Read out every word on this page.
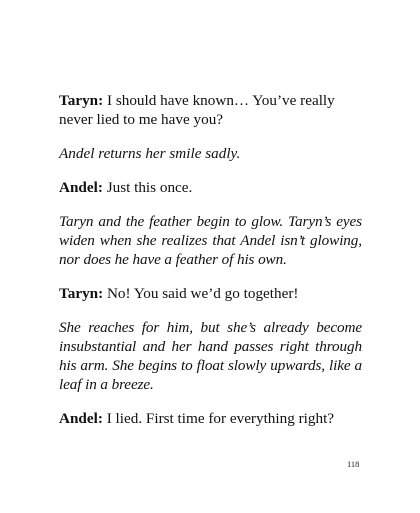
Taryn: I should have known… You’ve really never lied to me have you?

Andel returns her smile sadly.

Andel: Just this once.

Taryn and the feather begin to glow. Taryn’s eyes widen when she realizes that Andel isn’t glowing, nor does he have a feather of his own.

Taryn: No! You said we’d go together!

She reaches for him, but she’s already become insubstantial and her hand passes right through his arm. She begins to float slowly upwards, like a leaf in a breeze.

Andel: I lied. First time for everything right?

118
